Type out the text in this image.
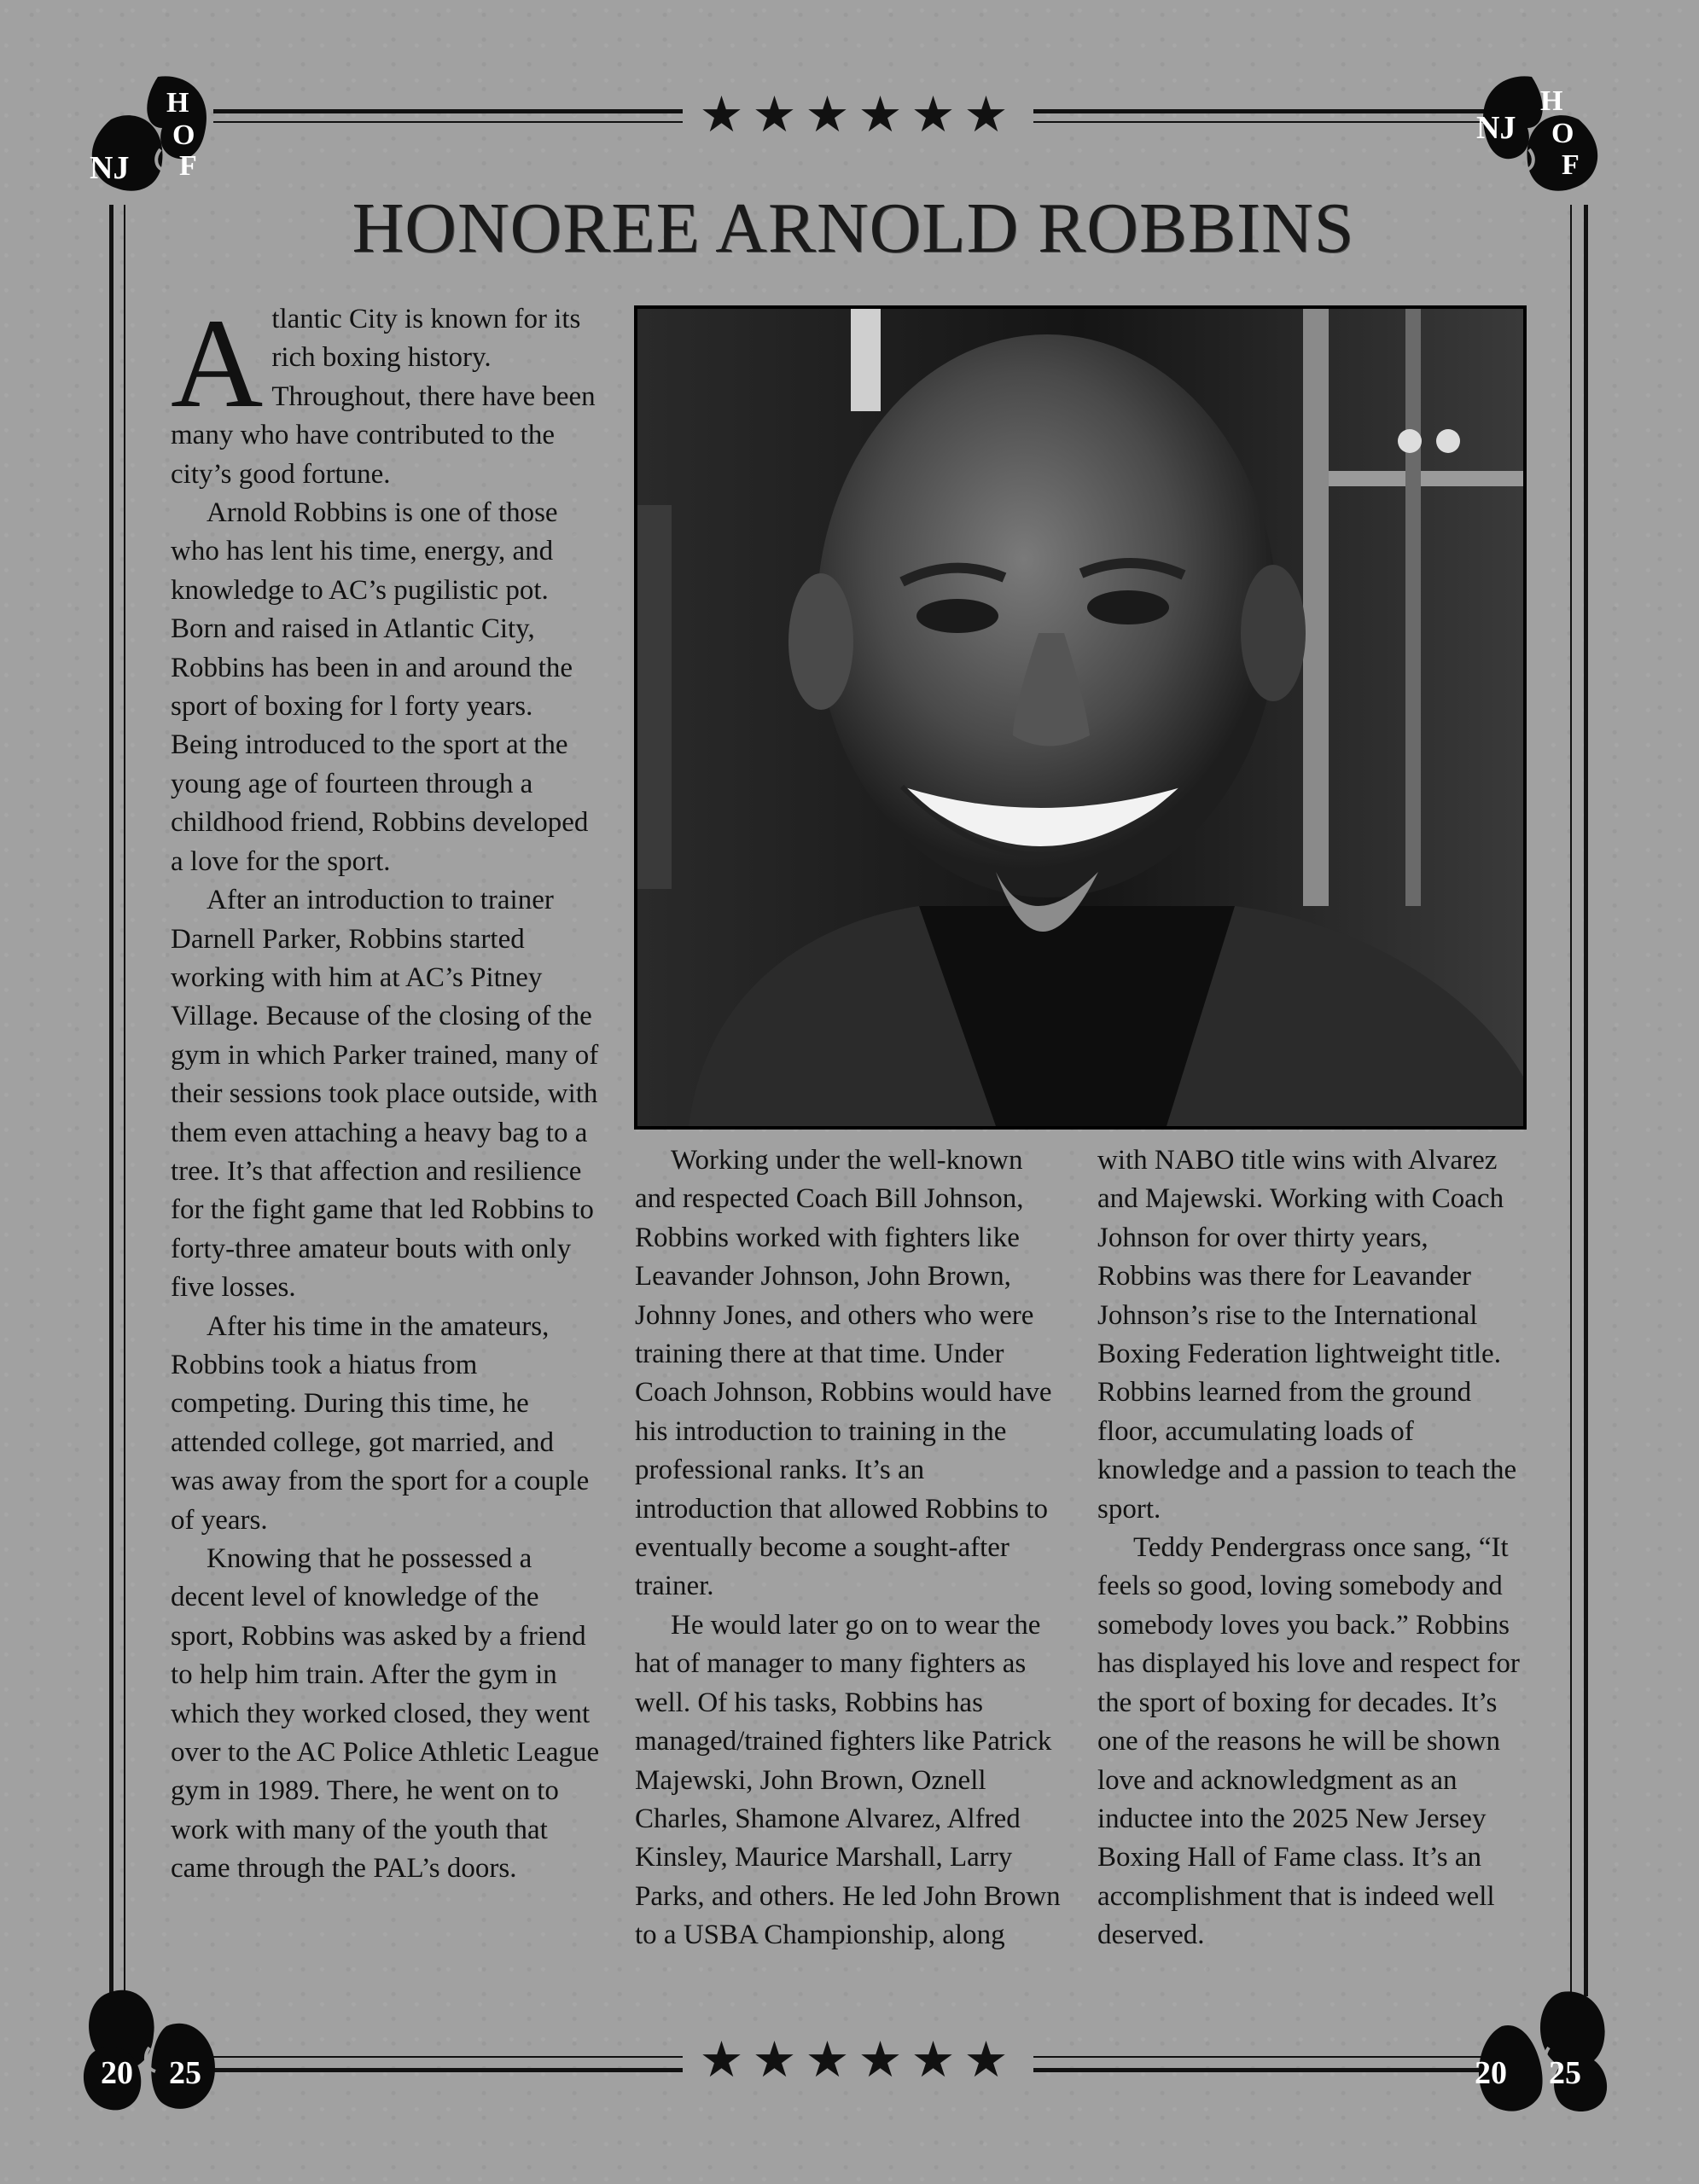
★★★★★★
★★★★★★
NJ
H
O
F
NJ
H
O
F
20 25	20 25
HONOREE ARNOLD ROBBINS

Atlantic City is known for its rich boxing history. Throughout, there have been many who have contributed to the city’s good fortune.

Arnold Robbins is one of those who has lent his time, energy, and knowledge to AC’s pugilistic pot. Born and raised in Atlantic City, Robbins has been in and around the sport of boxing for l forty years. Being introduced to the sport at the young age of fourteen through a childhood friend, Robbins developed a love for the sport.

After an introduction to trainer Darnell Parker, Robbins started working with him at AC’s Pitney Village. Because of the closing of the gym in which Parker trained, many of their sessions took place outside, with them even attaching a heavy bag to a tree. It’s that affection and resilience for the fight game that led Robbins to forty-three amateur bouts with only five losses.

After his time in the amateurs, Robbins took a hiatus from competing. During this time, he attended college, got married, and was away from the sport for a couple of years.

Knowing that he possessed a decent level of knowledge of the sport, Robbins was asked by a friend to help him train. After the gym in which they worked closed, they went over to the AC Police Athletic League gym in 1989. There, he went on to work with many of the youth that came through the PAL’s doors.

Working under the well-known and respected Coach Bill Johnson, Robbins worked with fighters like Leavander Johnson, John Brown, Johnny Jones, and others who were training there at that time. Under Coach Johnson, Robbins would have his introduction to training in the professional ranks. It’s an introduction that allowed Robbins to eventually become a sought-after trainer.

He would later go on to wear the hat of manager to many fighters as well. Of his tasks, Robbins has managed/trained fighters like Patrick Majewski, John Brown, Oznell Charles, Shamone Alvarez, Alfred Kinsley, Maurice Marshall, Larry Parks, and others. He led John Brown to a USBA Championship, along

with NABO title wins with Alvarez and Majewski. Working with Coach Johnson for over thirty years, Robbins was there for Leavander Johnson’s rise to the International Boxing Federation lightweight title. Robbins learned from the ground floor, accumulating loads of knowledge and a passion to teach the sport.

Teddy Pendergrass once sang, “It feels so good, loving somebody and somebody loves you back.” Robbins has displayed his love and respect for the sport of boxing for decades. It’s one of the reasons he will be shown love and acknowledgment as an inductee into the 2025 New Jersey Boxing Hall of Fame class. It’s an accomplishment that is indeed well deserved.
